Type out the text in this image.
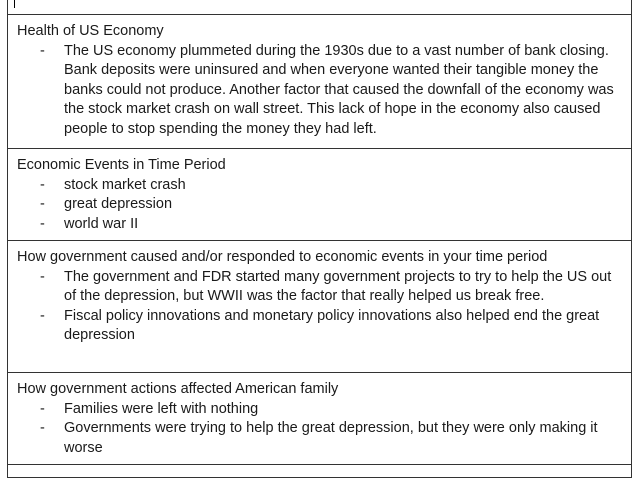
Health of US Economy

- The US economy plummeted during the 1930s due to a vast number of bank closing. Bank deposits were uninsured and when everyone wanted their tangible money the banks could not produce. Another factor that caused the downfall of the economy was the stock market crash on wall street. This lack of hope in the economy also caused people to stop spending the money they had left.

Economic Events in Time Period

- stock market crash
- great depression
- world war II

How government caused and/or responded to economic events in your time period

- The government and FDR started many government projects to try to help the US out of the depression, but WWII was the factor that really helped us break free.
- Fiscal policy innovations and monetary policy innovations also helped end the great depression

How government actions affected American family

- Families were left with nothing
- Governments were trying to help the great depression, but they were only making it worse
